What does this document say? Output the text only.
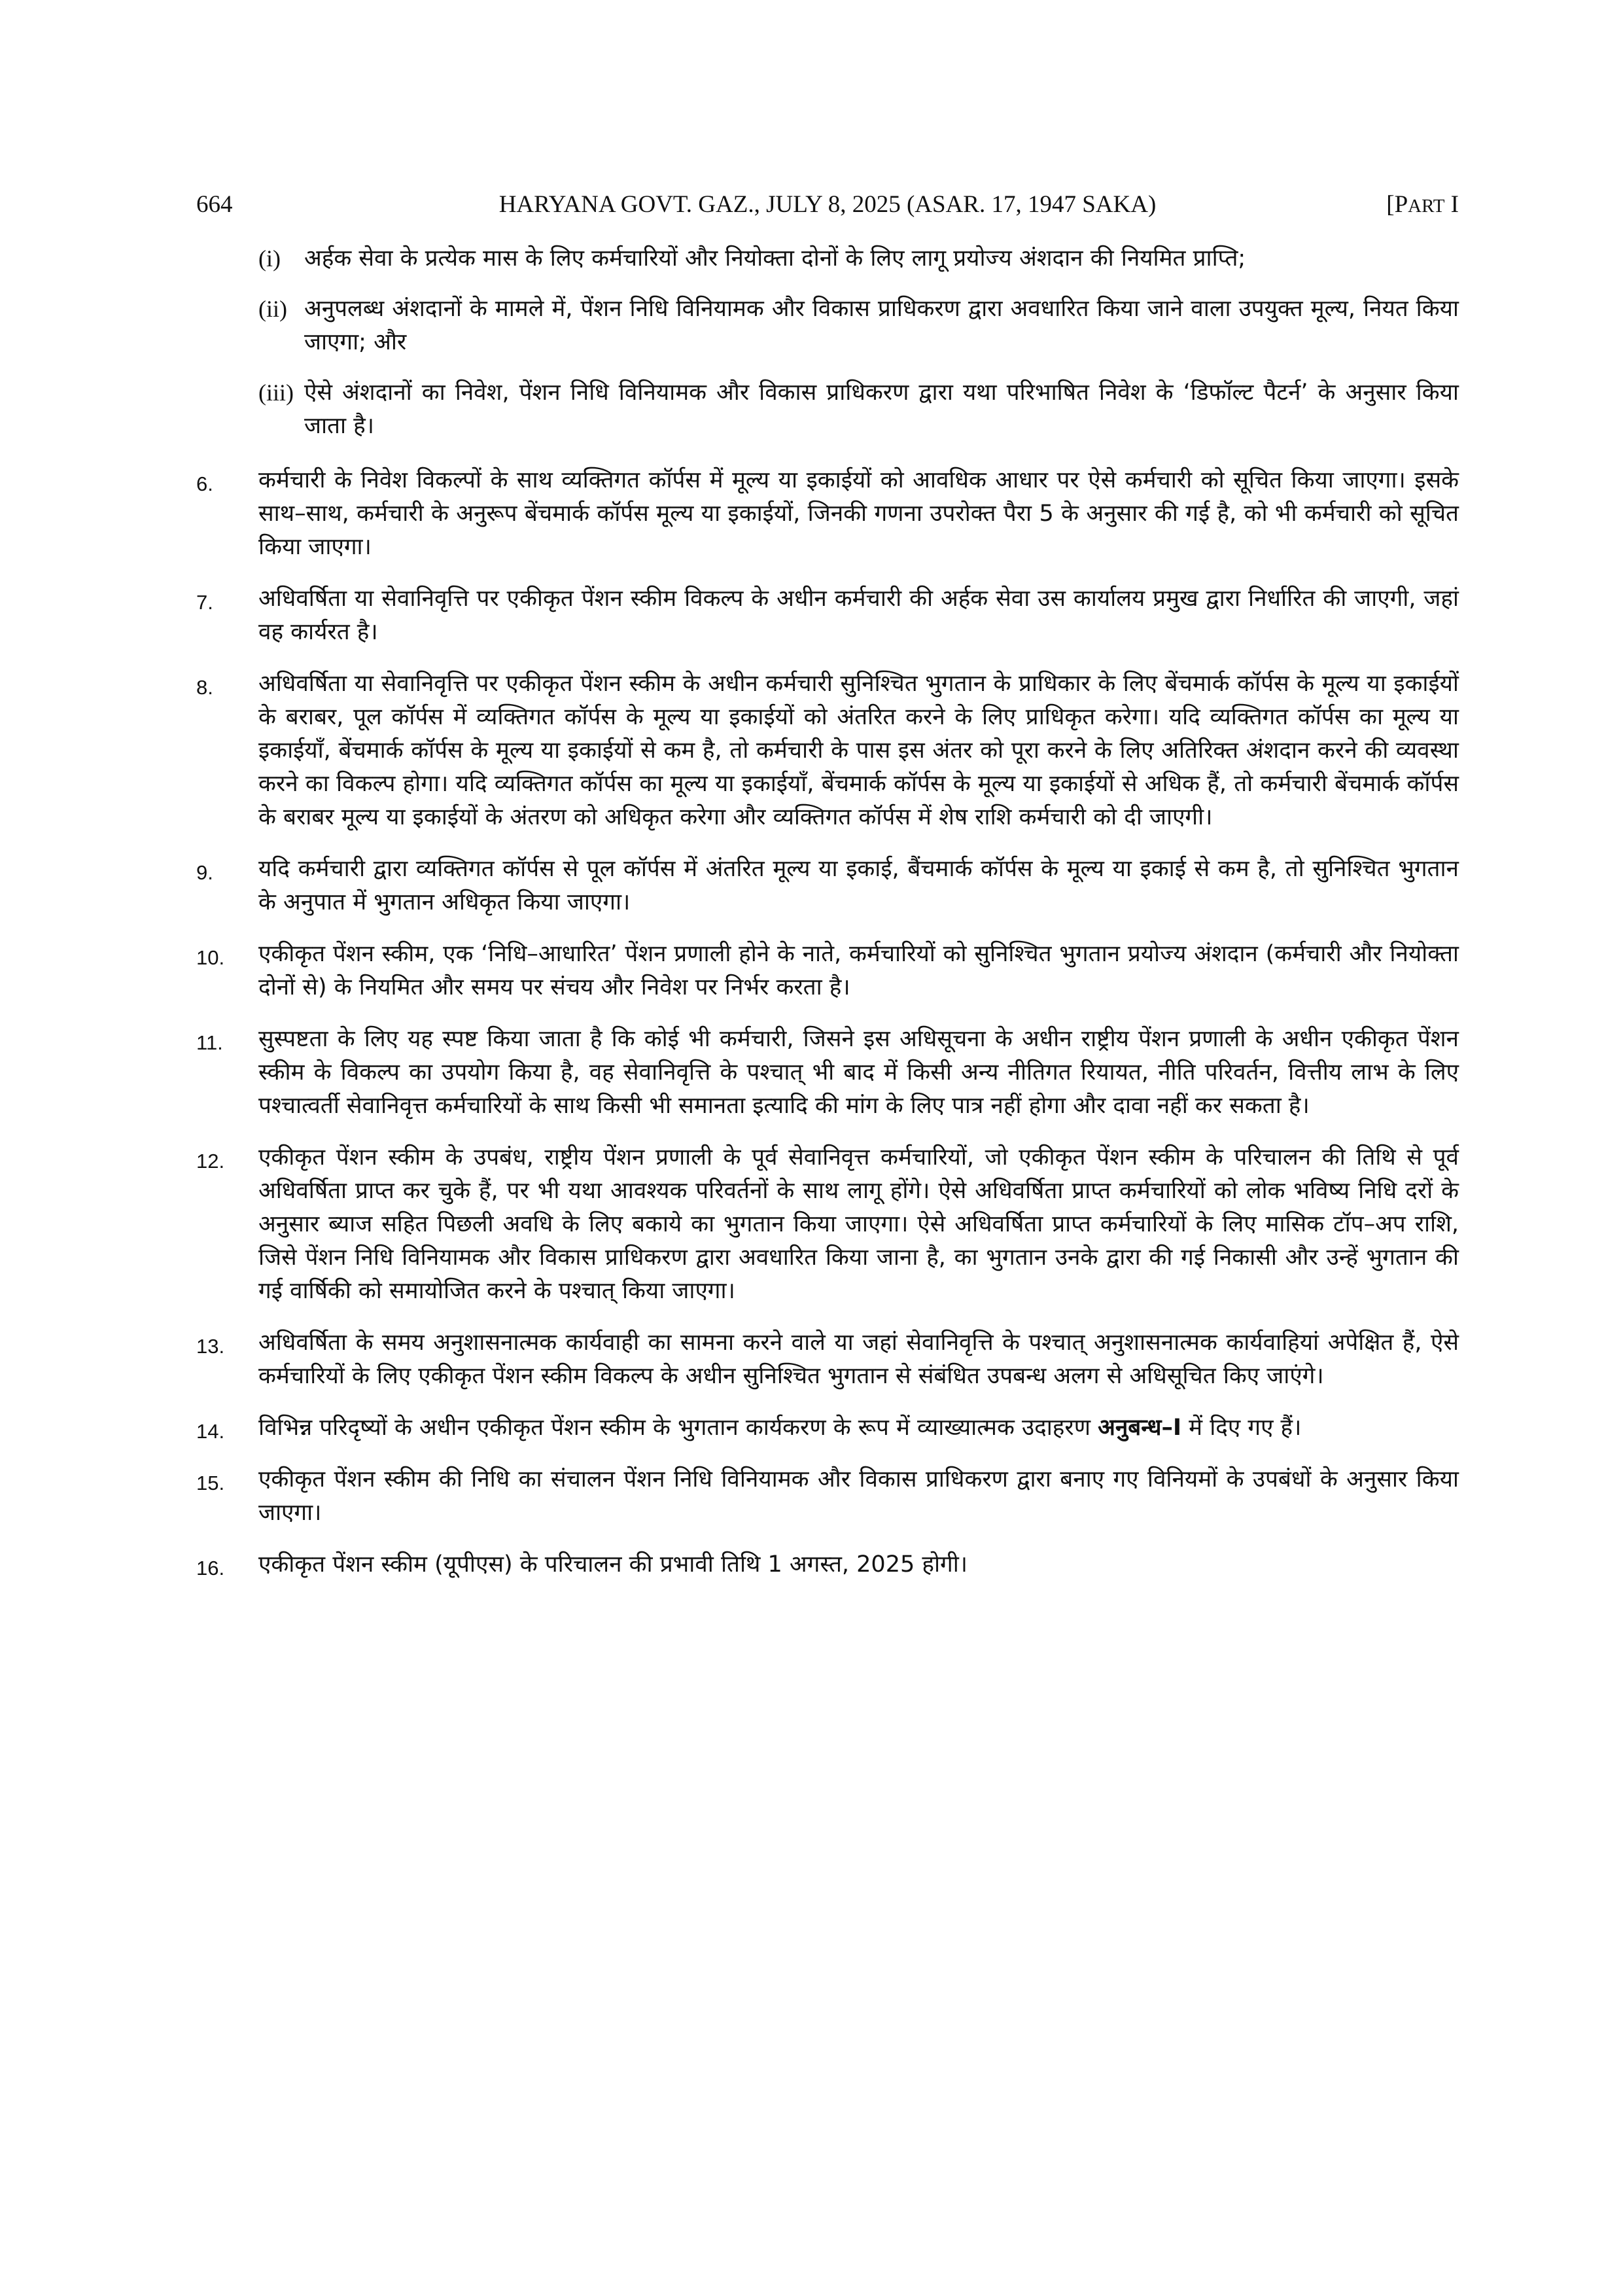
664	HARYANA GOVT. GAZ., JULY 8, 2025 (ASAR. 17, 1947 SAKA)	[PART I
(i) अर्हक सेवा के प्रत्येक मास के लिए कर्मचारियों और नियोक्ता दोनों के लिए लागू प्रयोज्य अंशदान की नियमित प्राप्ति;
(ii) अनुपलब्ध अंशदानों के मामले में, पेंशन निधि विनियामक और विकास प्राधिकरण द्वारा अवधारित किया जाने वाला उपयुक्त मूल्य, नियत किया जाएगा; और
(iii) ऐसे अंशदानों का निवेश, पेंशन निधि विनियामक और विकास प्राधिकरण द्वारा यथा परिभाषित निवेश के ‘डिफॉल्ट पैटर्न’ के अनुसार किया जाता है।
6. कर्मचारी के निवेश विकल्पों के साथ व्यक्तिगत कॉर्पस में मूल्य या इकाईयों को आवधिक आधार पर ऐसे कर्मचारी को सूचित किया जाएगा। इसके साथ–साथ, कर्मचारी के अनुरूप बेंचमार्क कॉर्पस मूल्य या इकाईयों, जिनकी गणना उपरोक्त पैरा 5 के अनुसार की गई है, को भी कर्मचारी को सूचित किया जाएगा।
7. अधिवर्षिता या सेवानिवृत्ति पर एकीकृत पेंशन स्कीम विकल्प के अधीन कर्मचारी की अर्हक सेवा उस कार्यालय प्रमुख द्वारा निर्धारित की जाएगी, जहां वह कार्यरत है।
8. अधिवर्षिता या सेवानिवृत्ति पर एकीकृत पेंशन स्कीम के अधीन कर्मचारी सुनिश्चित भुगतान के प्राधिकार के लिए बेंचमार्क कॉर्पस के मूल्य या इकाईयों के बराबर, पूल कॉर्पस में व्यक्तिगत कॉर्पस के मूल्य या इकाईयों को अंतरित करने के लिए प्राधिकृत करेगा। यदि व्यक्तिगत कॉर्पस का मूल्य या इकाईयाँ, बेंचमार्क कॉर्पस के मूल्य या इकाईयों से कम है, तो कर्मचारी के पास इस अंतर को पूरा करने के लिए अतिरिक्त अंशदान करने की व्यवस्था करने का विकल्प होगा। यदि व्यक्तिगत कॉर्पस का मूल्य या इकाईयाँ, बेंचमार्क कॉर्पस के मूल्य या इकाईयों से अधिक हैं, तो कर्मचारी बेंचमार्क कॉर्पस के बराबर मूल्य या इकाईयों के अंतरण को अधिकृत करेगा और व्यक्तिगत कॉर्पस में शेष राशि कर्मचारी को दी जाएगी।
9. यदि कर्मचारी द्वारा व्यक्तिगत कॉर्पस से पूल कॉर्पस में अंतरित मूल्य या इकाई, बैंचमार्क कॉर्पस के मूल्य या इकाई से कम है, तो सुनिश्चित भुगतान के अनुपात में भुगतान अधिकृत किया जाएगा।
10. एकीकृत पेंशन स्कीम, एक ‘निधि–आधारित’ पेंशन प्रणाली होने के नाते, कर्मचारियों को सुनिश्चित भुगतान प्रयोज्य अंशदान (कर्मचारी और नियोक्ता दोनों से) के नियमित और समय पर संचय और निवेश पर निर्भर करता है।
11. सुस्पष्टता के लिए यह स्पष्ट किया जाता है कि कोई भी कर्मचारी, जिसने इस अधिसूचना के अधीन राष्ट्रीय पेंशन प्रणाली के अधीन एकीकृत पेंशन स्कीम के विकल्प का उपयोग किया है, वह सेवानिवृत्ति के पश्चात् भी बाद में किसी अन्य नीतिगत रियायत, नीति परिवर्तन, वित्तीय लाभ के लिए पश्चात्वर्ती सेवानिवृत्त कर्मचारियों के साथ किसी भी समानता इत्यादि की मांग के लिए पात्र नहीं होगा और दावा नहीं कर सकता है।
12. एकीकृत पेंशन स्कीम के उपबंध, राष्ट्रीय पेंशन प्रणाली के पूर्व सेवानिवृत्त कर्मचारियों, जो एकीकृत पेंशन स्कीम के परिचालन की तिथि से पूर्व अधिवर्षिता प्राप्त कर चुके हैं, पर भी यथा आवश्यक परिवर्तनों के साथ लागू होंगे। ऐसे अधिवर्षिता प्राप्त कर्मचारियों को लोक भविष्य निधि दरों के अनुसार ब्याज सहित पिछली अवधि के लिए बकाये का भुगतान किया जाएगा। ऐसे अधिवर्षिता प्राप्त कर्मचारियों के लिए मासिक टॉप–अप राशि, जिसे पेंशन निधि विनियामक और विकास प्राधिकरण द्वारा अवधारित किया जाना है, का भुगतान उनके द्वारा की गई निकासी और उन्हें भुगतान की गई वार्षिकी को समायोजित करने के पश्चात् किया जाएगा।
13. अधिवर्षिता के समय अनुशासनात्मक कार्यवाही का सामना करने वाले या जहां सेवानिवृत्ति के पश्चात् अनुशासनात्मक कार्यवाहियां अपेक्षित हैं, ऐसे कर्मचारियों के लिए एकीकृत पेंशन स्कीम विकल्प के अधीन सुनिश्चित भुगतान से संबंधित उपबन्ध अलग से अधिसूचित किए जाएंगे।
14. विभिन्न परिदृष्यों के अधीन एकीकृत पेंशन स्कीम के भुगतान कार्यकरण के रूप में व्याख्यात्मक उदाहरण अनुबन्ध–I में दिए गए हैं।
15. एकीकृत पेंशन स्कीम की निधि का संचालन पेंशन निधि विनियामक और विकास प्राधिकरण द्वारा बनाए गए विनियमों के उपबंधों के अनुसार किया जाएगा।
16. एकीकृत पेंशन स्कीम (यूपीएस) के परिचालन की प्रभावी तिथि 1 अगस्त, 2025 होगी।
